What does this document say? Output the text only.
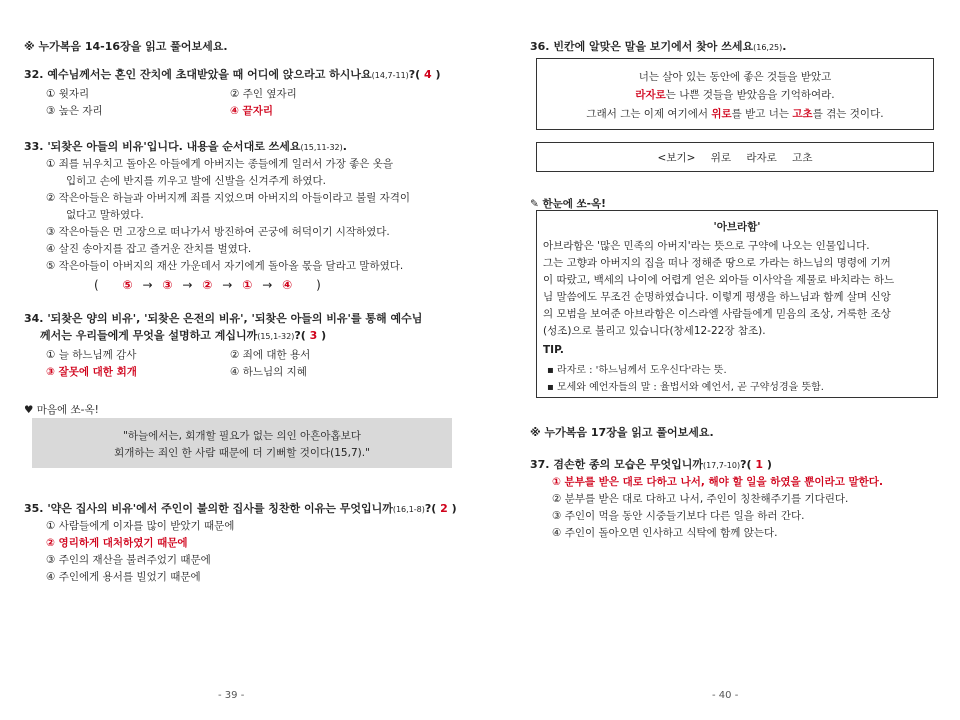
※ 누가복음 14-16장을 읽고 풀어보세요.
32. 예수님께서는 혼인 잔치에 초대받았을 때 어디에 앉으라고 하시나요(14,7-11)?( 4 )
① 윗자리	② 주인 옆자리
③ 높은 자리	④ 끝자리
33. '되찾은 아들의 비유'입니다. 내용을 순서대로 쓰세요(15,11-32).
① 죄를 뉘우치고 돌아온 아들에게 아버지는 종들에게 일러서 가장 좋은 옷을
입히고 손에 반지를 끼우고 발에 신발을 신겨주게 하였다.
② 작은아들은 하늘과 아버지께 죄를 지었으며 아버지의 아들이라고 불릴 자격이
없다고 말하였다.
③ 작은아들은 먼 고장으로 떠나가서 방진하여 곤궁에 허덕이기 시작하였다.
④ 살진 송아지를 잡고 즐거운 잔치를 벌였다.
⑤ 작은아들이 아버지의 재산 가운데서 자기에게 돌아올 몫을 달라고 말하였다.
( ⑤ → ③ → ② → ① → ④ )
34. '되찾은 양의 비유', '되찾은 은전의 비유', '되찾은 아들의 비유'를 통해 예수님
께서는 우리들에게 무엇을 설명하고 계십니까(15,1-32)?( 3 )
① 늘 하느님께 감사	② 죄에 대한 용서
③ 잘못에 대한 회개	④ 하느님의 지혜
♥ 마음에 쏘-옥!
"하늘에서는, 회개할 필요가 없는 의인 아흔아홉보다
회개하는 죄인 한 사람 때문에 더 기뻐할 것이다(15,7)."
35. '약은 집사의 비유'에서 주인이 불의한 집사를 칭찬한 이유는 무엇입니까(16,1-8)?( 2 )
① 사람들에게 이자를 많이 받았기 때문에
② 영리하게 대처하였기 때문에
③ 주인의 재산을 불려주었기 때문에
④ 주인에게 용서를 빌었기 때문에
- 39 -
36. 빈칸에 알맞은 말을 보기에서 찾아 쓰세요(16,25).
너는 살아 있는 동안에 좋은 것들을 받았고
라자로는 나쁜 것들을 받았음을 기억하여라.
그래서 그는 이제 여기에서 위로를 받고 너는 고초를 겪는 것이다.
<보기> 위로 라자로 고초
✎ 한눈에 쏘-옥!
'아브라함'
아브라함은 '많은 민족의 아버지'라는 뜻으로 구약에 나오는 인물입니다.
그는 고향과 아버지의 집을 떠나 정해준 땅으로 가라는 하느님의 명령에 기꺼
이 따랐고, 백세의 나이에 어렵게 얻은 외아들 이사악을 제물로 바치라는 하느
님 말씀에도 무조건 순명하였습니다. 이렇게 평생을 하느님과 함께 살며 신앙
의 모범을 보여준 아브라함은 이스라엘 사람들에게 믿음의 조상, 거룩한 조상
(성조)으로 불리고 있습니다(창세12-22장 참조).
TIP.
▪ 라자로 : '하느님께서 도우신다'라는 뜻.
▪ 모세와 예언자들의 말 : 율법서와 예언서, 곧 구약성경을 뜻함.
※ 누가복음 17장을 읽고 풀어보세요.
37. 겸손한 종의 모습은 무엇입니까(17,7-10)?( 1 )
① 분부를 받은 대로 다하고 나서, 해야 할 일을 하였을 뿐이라고 말한다.
② 분부를 받은 대로 다하고 나서, 주인이 칭찬해주기를 기다린다.
③ 주인이 먹을 동안 시중들기보다 다른 일을 하러 간다.
④ 주인이 돌아오면 인사하고 식탁에 함께 앉는다.
- 40 -
